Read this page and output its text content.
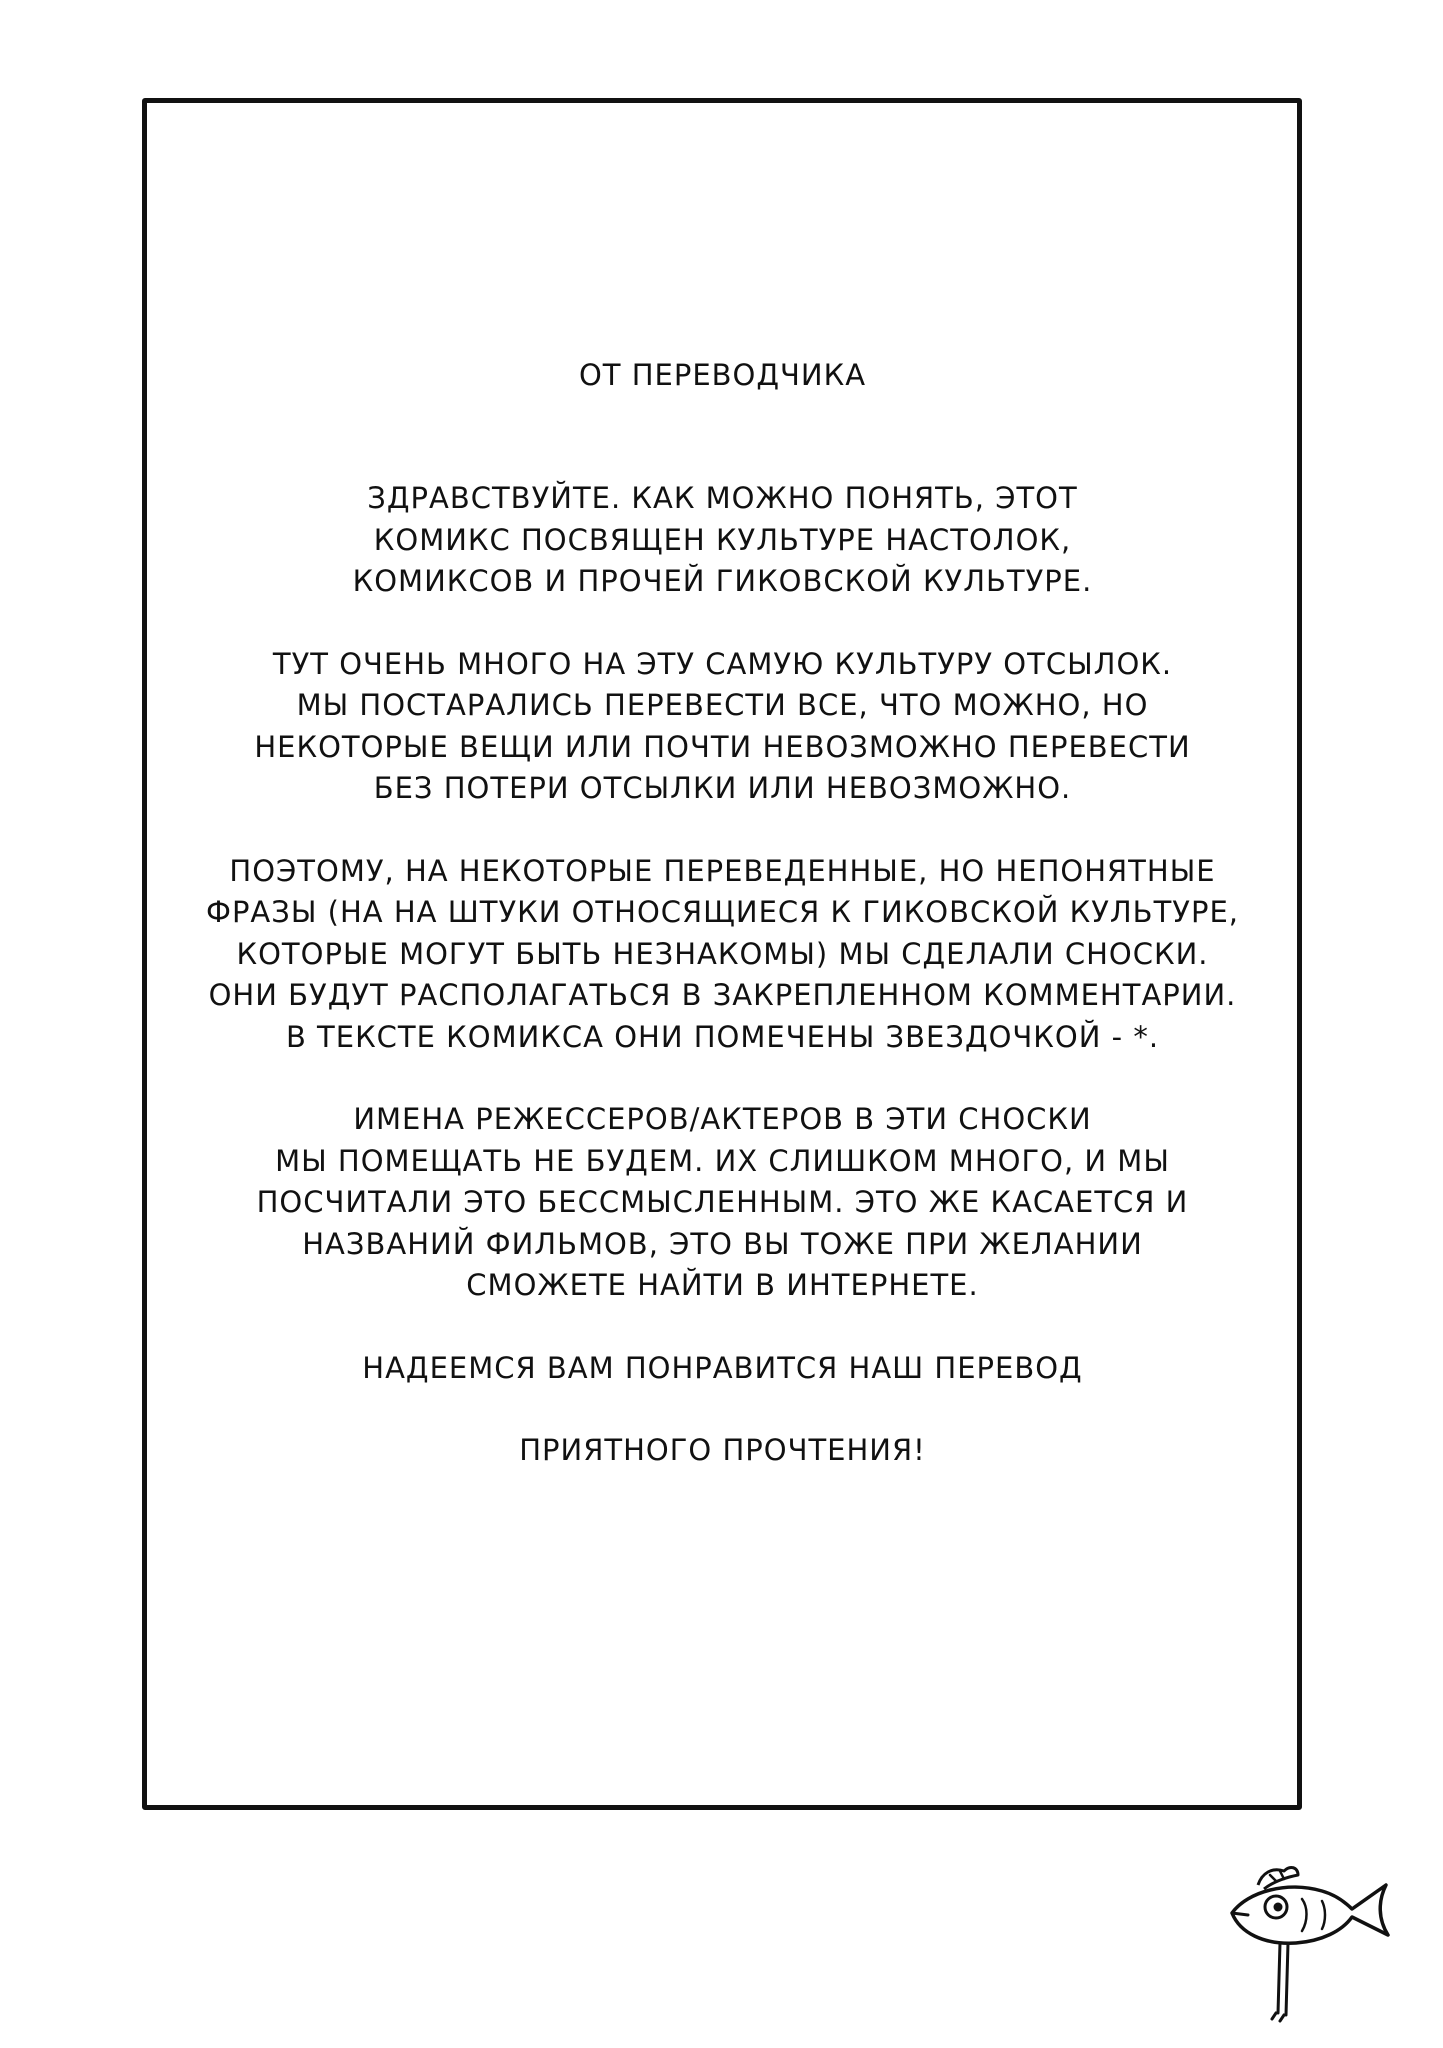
ОТ ПЕРЕВОДЧИКА
ЗДРАВСТВУЙТЕ. КАК МОЖНО ПОНЯТЬ, ЭТОТ
КОМИКС ПОСВЯЩЕН КУЛЬТУРЕ НАСТОЛОК,
КОМИКСОВ И ПРОЧЕЙ ГИКОВСКОЙ КУЛЬТУРЕ.
ТУТ ОЧЕНЬ МНОГО НА ЭТУ САМУЮ КУЛЬТУРУ ОТСЫЛОК.
МЫ ПОСТАРАЛИСЬ ПЕРЕВЕСТИ ВСЕ, ЧТО МОЖНО, НО
НЕКОТОРЫЕ ВЕЩИ ИЛИ ПОЧТИ НЕВОЗМОЖНО ПЕРЕВЕСТИ
БЕЗ ПОТЕРИ ОТСЫЛКИ ИЛИ НЕВОЗМОЖНО.
ПОЭТОМУ, НА НЕКОТОРЫЕ ПЕРЕВЕДЕННЫЕ, НО НЕПОНЯТНЫЕ
ФРАЗЫ (НА НА ШТУКИ ОТНОСЯЩИЕСЯ К ГИКОВСКОЙ КУЛЬТУРЕ,
КОТОРЫЕ МОГУТ БЫТЬ НЕЗНАКОМЫ) МЫ СДЕЛАЛИ СНОСКИ.
ОНИ БУДУТ РАСПОЛАГАТЬСЯ В ЗАКРЕПЛЕННОМ КОММЕНТАРИИ.
В ТЕКСТЕ КОМИКСА ОНИ ПОМЕЧЕНЫ ЗВЕЗДОЧКОЙ - *.
ИМЕНА РЕЖЕССЕРОВ/АКТЕРОВ В ЭТИ СНОСКИ
МЫ ПОМЕЩАТЬ НЕ БУДЕМ. ИХ СЛИШКОМ МНОГО, И МЫ
ПОСЧИТАЛИ ЭТО БЕССМЫСЛЕННЫМ. ЭТО ЖЕ КАСАЕТСЯ И
НАЗВАНИЙ ФИЛЬМОВ, ЭТО ВЫ ТОЖЕ ПРИ ЖЕЛАНИИ
СМОЖЕТЕ НАЙТИ В ИНТЕРНЕТЕ.
НАДЕЕМСЯ ВАМ ПОНРАВИТСЯ НАШ ПЕРЕВОД
ПРИЯТНОГО ПРОЧТЕНИЯ!
